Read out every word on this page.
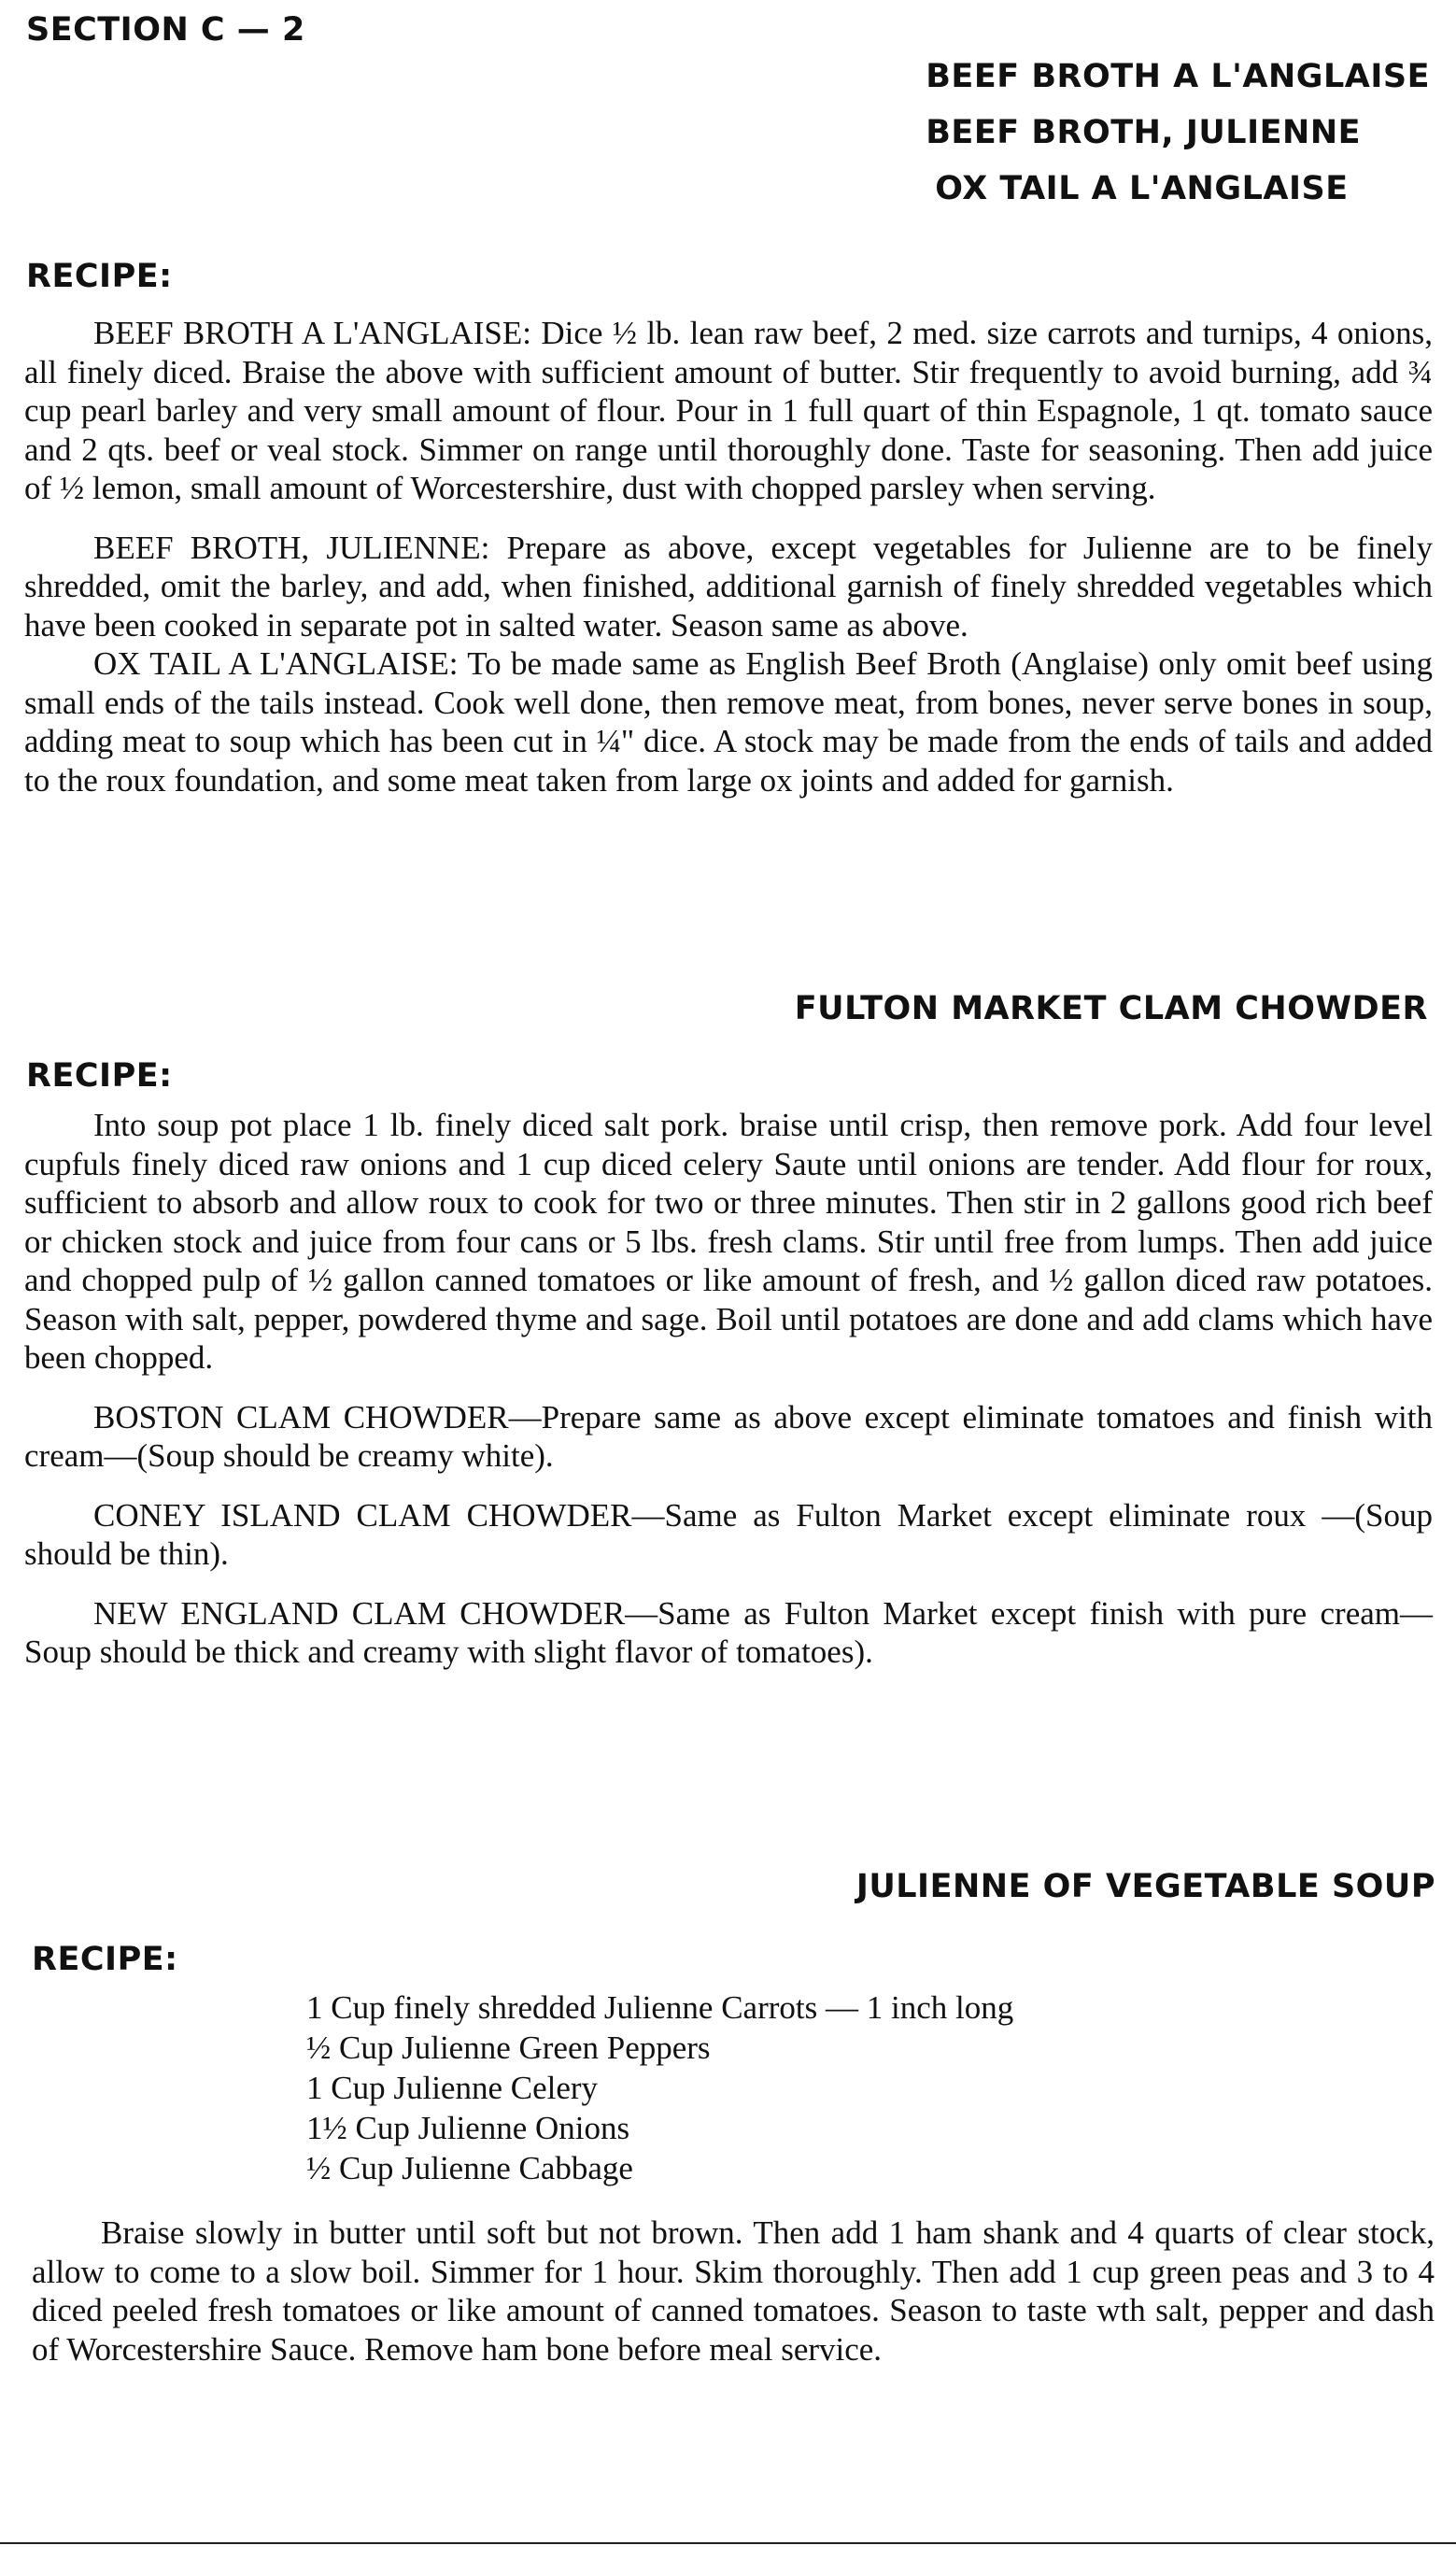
SECTION C — 2
BEEF BROTH A L'ANGLAISE
BEEF BROTH, JULIENNE
OX TAIL A L'ANGLAISE
RECIPE:

BEEF BROTH A L'ANGLAISE: Dice ½ lb. lean raw beef, 2 med. size carrots and turnips, 4 onions, all finely diced. Braise the above with sufficient amount of butter. Stir frequently to avoid burning, add ¾ cup pearl barley and very small amount of flour. Pour in 1 full quart of thin Espagnole, 1 qt. tomato sauce and 2 qts. beef or veal stock. Simmer on range until thoroughly done. Taste for seasoning. Then add juice of ½ lemon, small amount of Worcestershire, dust with chopped parsley when serving.

BEEF BROTH, JULIENNE: Prepare as above, except vegetables for Julienne are to be finely shredded, omit the barley, and add, when finished, additional garnish of finely shredded vegetables which have been cooked in separate pot in salted water. Season same as above.

OX TAIL A L'ANGLAISE: To be made same as English Beef Broth (Anglaise) only omit beef using small ends of the tails instead. Cook well done, then remove meat, from bones, never serve bones in soup, adding meat to soup which has been cut in ¼" dice. A stock may be made from the ends of tails and added to the roux foundation, and some meat taken from large ox joints and added for garnish.

FULTON MARKET CLAM CHOWDER
RECIPE:

Into soup pot place 1 lb. finely diced salt pork. braise until crisp, then remove pork. Add four level cupfuls finely diced raw onions and 1 cup diced celery Saute until onions are tender. Add flour for roux, sufficient to absorb and allow roux to cook for two or three minutes. Then stir in 2 gallons good rich beef or chicken stock and juice from four cans or 5 lbs. fresh clams. Stir until free from lumps. Then add juice and chopped pulp of ½ gallon canned tomatoes or like amount of fresh, and ½ gallon diced raw potatoes. Season with salt, pepper, powdered thyme and sage. Boil until potatoes are done and add clams which have been chopped.

BOSTON CLAM CHOWDER—Prepare same as above except eliminate tomatoes and finish with cream—(Soup should be creamy white).

CONEY ISLAND CLAM CHOWDER—Same as Fulton Market except eliminate roux —(Soup should be thin).

NEW ENGLAND CLAM CHOWDER—Same as Fulton Market except finish with pure cream—Soup should be thick and creamy with slight flavor of tomatoes).

JULIENNE OF VEGETABLE SOUP
RECIPE:
1 Cup finely shredded Julienne Carrots — 1 inch long
½ Cup Julienne Green Peppers
1 Cup Julienne Celery
1½ Cup Julienne Onions
½ Cup Julienne Cabbage

Braise slowly in butter until soft but not brown. Then add 1 ham shank and 4 quarts of clear stock, allow to come to a slow boil. Simmer for 1 hour. Skim thoroughly. Then add 1 cup green peas and 3 to 4 diced peeled fresh tomatoes or like amount of canned tomatoes. Season to taste wth salt, pepper and dash of Worcestershire Sauce. Remove ham bone before meal service.
